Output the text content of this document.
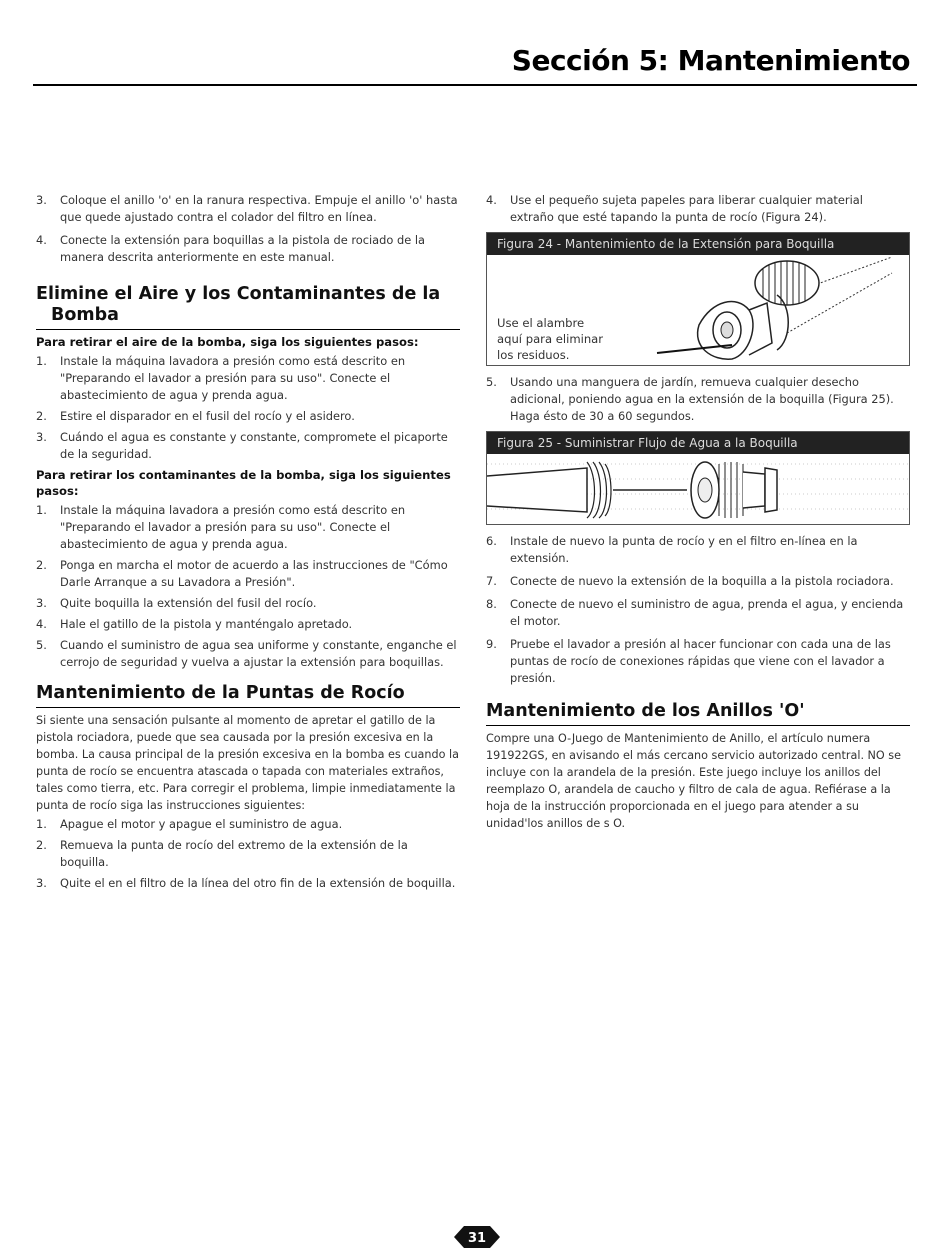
Sección 5: Mantenimiento
3.	Coloque el anillo 'o' en la ranura respectiva. Empuje el anillo 'o' hasta que quede ajustado contra el colador del filtro en línea.
4.	Conecte la extensión para boquillas a la pistola de rociado de la manera descrita anteriormente en este manual.
Elimine el Aire y los Contaminantes de la
Bomba
Para retirar el aire de la bomba, siga los siguientes pasos:
1.	Instale la máquina lavadora a presión como está descrito en "Preparando el lavador a presión para su uso". Conecte el abastecimiento de agua y prenda agua.
2.	Estire el disparador en el fusil del rocío y el asidero.
3.	Cuándo el agua es constante y constante, compromete el picaporte de la seguridad.
Para retirar los contaminantes de la bomba, siga los siguientes pasos:
1.	Instale la máquina lavadora a presión como está descrito en "Preparando el lavador a presión para su uso". Conecte el abastecimiento de agua y prenda agua.
2.	Ponga en marcha el motor de acuerdo a las instrucciones de "Cómo Darle Arranque a su Lavadora a Presión".
3.	Quite boquilla la extensión del fusil del rocío.
4.	Hale el gatillo de la pistola y manténgalo apretado.
5.	Cuando el suministro de agua sea uniforme y constante, enganche el cerrojo de seguridad y vuelva a ajustar la extensión para boquillas.
Mantenimiento de la Puntas de Rocío

Si siente una sensación pulsante al momento de apretar el gatillo de la pistola rociadora, puede que sea causada por la presión excesiva en la bomba. La causa principal de la presión excesiva en la bomba es cuando la punta de rocío se encuentra atascada o tapada con materiales extraños, tales como tierra, etc. Para corregir el problema, limpie inmediatamente la punta de rocío siga las instrucciones siguientes:

1.	Apague el motor y apague el suministro de agua.
2.	Remueva la punta de rocío del extremo de la extensión de la boquilla.
3.	Quite el en el filtro de la línea del otro fin de la extensión de boquilla.
4.	Use el pequeño sujeta papeles para liberar cualquier material extraño que esté tapando la punta de rocío (Figura 24).
Figura 24 - Mantenimiento de la Extensión para Boquilla
Use el alambre
aquí para eliminar
los residuos.
5.	Usando una manguera de jardín, remueva cualquier desecho adicional, poniendo agua en la extensión de la boquilla (Figura 25). Haga ésto de 30 a 60 segundos.
Figura 25 - Suministrar Flujo de Agua a la Boquilla
6.	Instale de nuevo la punta de rocío y en el filtro en-línea en la extensión.
7.	Conecte de nuevo la extensión de la boquilla a la pistola rociadora.
8.	Conecte de nuevo el suministro de agua, prenda el agua, y encienda el motor.
9.	Pruebe el lavador a presión al hacer funcionar con cada una de las puntas de rocío de conexiones rápidas que viene con el lavador a presión.
Mantenimiento de los Anillos 'O'

Compre una O-Juego de Mantenimiento de Anillo, el artículo numera 191922GS, en avisando el más cercano servicio autorizado central. NO se incluye con la arandela de la presión. Este juego incluye los anillos del reemplazo O, arandela de caucho y filtro de cala de agua. Refiérase a la hoja de la instrucción proporcionada en el juego para atender a su unidad'los anillos de s O.

31
